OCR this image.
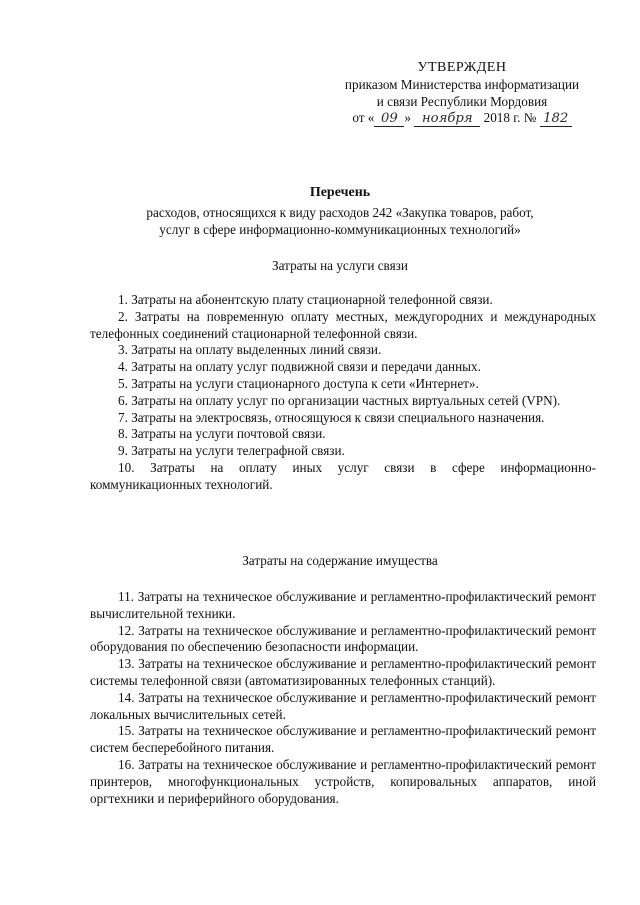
УТВЕРЖДЕН
приказом Министерства информатизации
и связи Республики Мордовия
от « 09 » ноября 2018 г. № 182
Перечень
расходов, относящихся к виду расходов 242 «Закупка товаров, работ,
услуг в сфере информационно-коммуникационных технологий»
Затраты на услуги связи

1. Затраты на абонентскую плату стационарной телефонной связи.

2. Затраты на повременную оплату местных, междугородних и международных телефонных соединений стационарной телефонной связи.

3. Затраты на оплату выделенных линий связи.

4. Затраты на оплату услуг подвижной связи и передачи данных.

5. Затраты на услуги стационарного доступа к сети «Интернет».

6. Затраты на оплату услуг по организации частных виртуальных сетей (VPN).

7. Затраты на электросвязь, относящуюся к связи специального назначения.

8. Затраты на услуги почтовой связи.

9. Затраты на услуги телеграфной связи.

10. Затраты на оплату иных услуг связи в сфере информационно-коммуникационных технологий.

Затраты на содержание имущества

11. Затраты на техническое обслуживание и регламентно-профилактический ремонт вычислительной техники.

12. Затраты на техническое обслуживание и регламентно-профилактический ремонт оборудования по обеспечению безопасности информации.

13. Затраты на техническое обслуживание и регламентно-профилактический ремонт системы телефонной связи (автоматизированных телефонных станций).

14. Затраты на техническое обслуживание и регламентно-профилактический ремонт локальных вычислительных сетей.

15. Затраты на техническое обслуживание и регламентно-профилактический ремонт систем бесперебойного питания.

16. Затраты на техническое обслуживание и регламентно-профилактический ремонт принтеров, многофункциональных устройств, копировальных аппаратов, иной оргтехники и периферийного оборудования.
